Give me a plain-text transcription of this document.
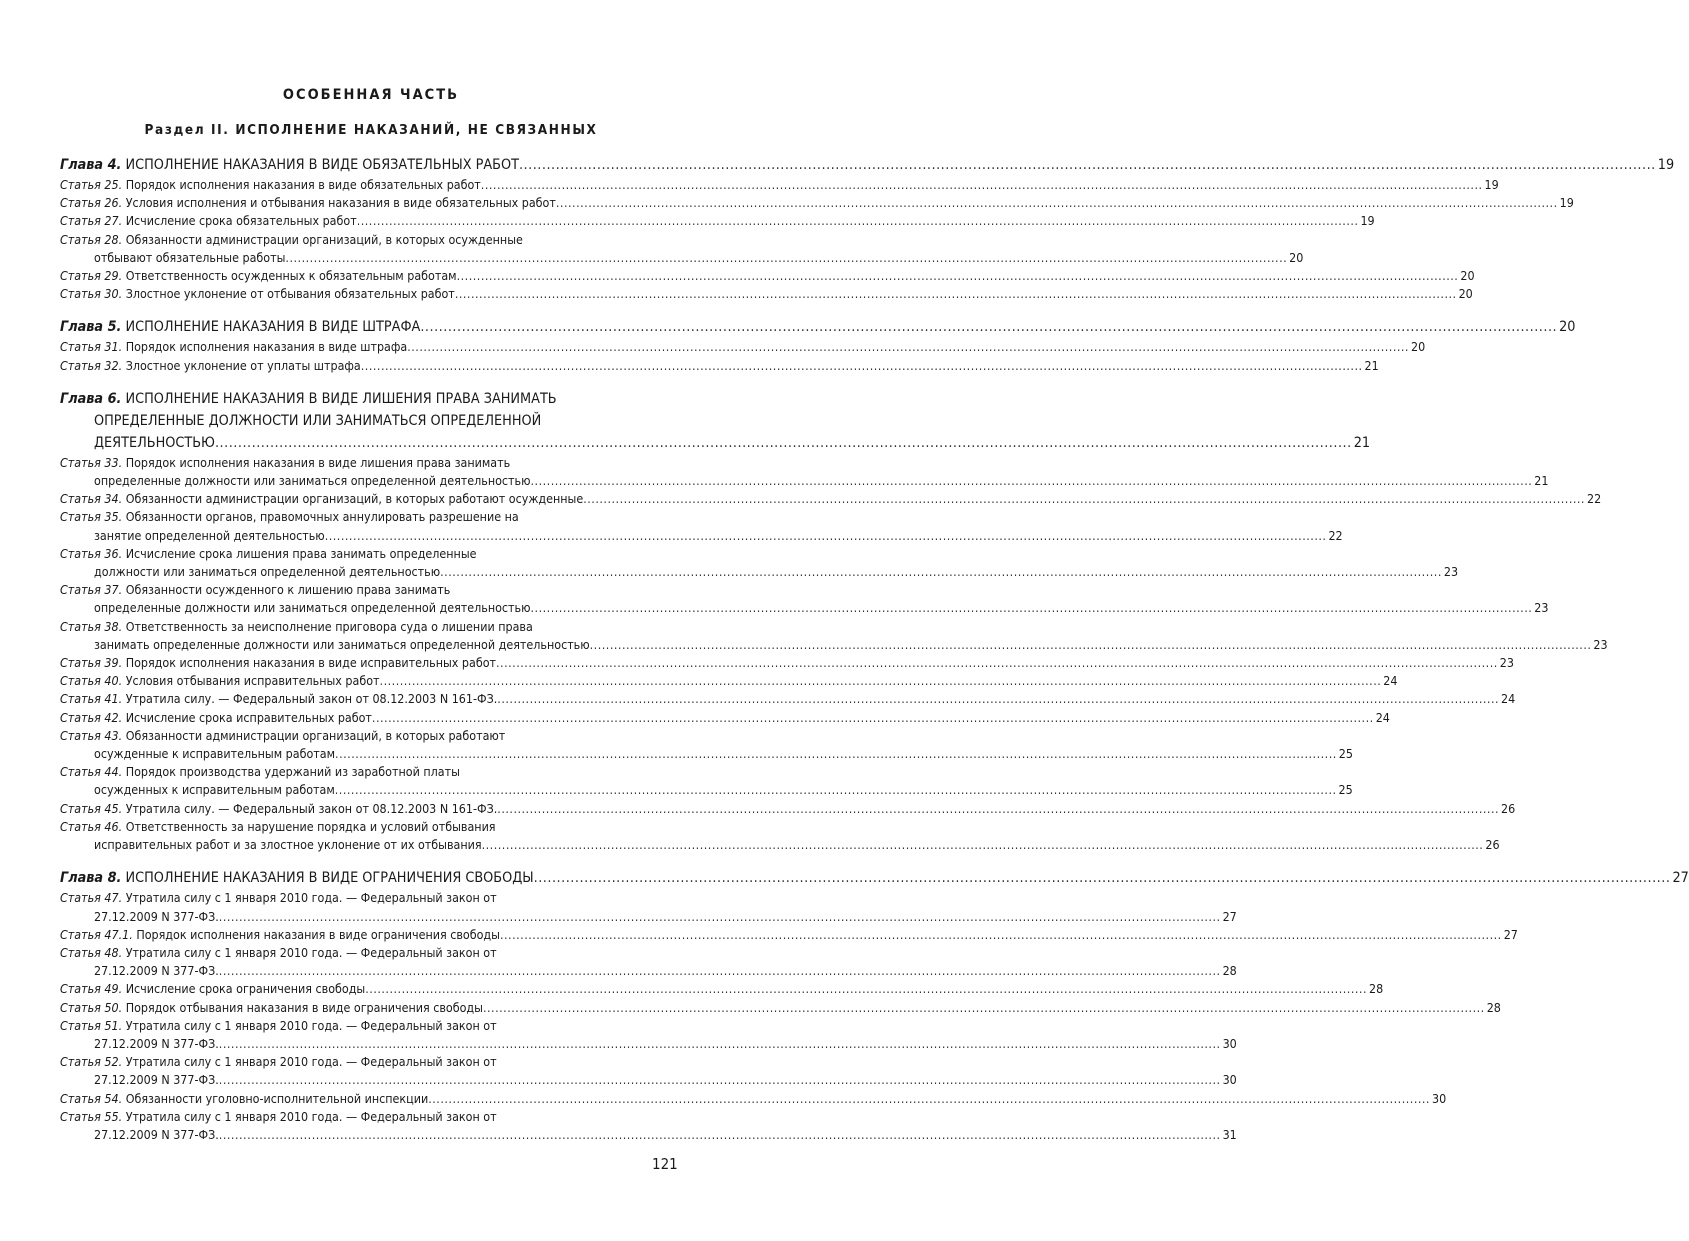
ОСОБЕННАЯ ЧАСТЬ
Раздел II. ИСПОЛНЕНИЕ НАКАЗАНИЙ, НЕ СВЯЗАННЫХ
Глава 4. ИСПОЛНЕНИЕ НАКАЗАНИЯ В ВИДЕ ОБЯЗАТЕЛЬНЫХ РАБОТ .....	19
Статья 25. Порядок исполнения наказания в виде обязательных работ .....	19
Статья 26. Условия исполнения и отбывания наказания в виде обязательных работ .....	19
Статья 27. Исчисление срока обязательных работ .....	19
Статья 28. Обязанности администрации организаций, в которых осужденные
отбывают обязательные работы .....	20
Статья 29. Ответственность осужденных к обязательным работам .....	20
Статья 30. Злостное уклонение от отбывания обязательных работ .....	20
Глава 5. ИСПОЛНЕНИЕ НАКАЗАНИЯ В ВИДЕ ШТРАФА .....	20
Статья 31. Порядок исполнения наказания в виде штрафа .....	20
Статья 32. Злостное уклонение от уплаты штрафа .....	21
Глава 6. ИСПОЛНЕНИЕ НАКАЗАНИЯ В ВИДЕ ЛИШЕНИЯ ПРАВА ЗАНИМАТЬ
ОПРЕДЕЛЕННЫЕ ДОЛЖНОСТИ ИЛИ ЗАНИМАТЬСЯ ОПРЕДЕЛЕННОЙ
ДЕЯТЕЛЬНОСТЬЮ .....	21
Статья 33. Порядок исполнения наказания в виде лишения права занимать
определенные должности или заниматься определенной деятельностью .....	21
Статья 34. Обязанности администрации организаций, в которых работают осужденные .....	22
Статья 35. Обязанности органов, правомочных аннулировать разрешение на
занятие определенной деятельностью .....	22
Статья 36. Исчисление срока лишения права занимать определенные
должности или заниматься определенной деятельностью .....	23
Статья 37. Обязанности осужденного к лишению права занимать
определенные должности или заниматься определенной деятельностью .....	23
Статья 38. Ответственность за неисполнение приговора суда о лишении права
занимать определенные должности или заниматься определенной деятельностью .....	23
Статья 39. Порядок исполнения наказания в виде исправительных работ .....	23
Статья 40. Условия отбывания исправительных работ .....	24
Статья 41. Утратила силу. — Федеральный закон от 08.12.2003 N 161-ФЗ. .....	24
Статья 42. Исчисление срока исправительных работ .....	24
Статья 43. Обязанности администрации организаций, в которых работают
осужденные к исправительным работам .....	25
Статья 44. Порядок производства удержаний из заработной платы
осужденных к исправительным работам .....	25
Статья 45. Утратила силу. — Федеральный закон от 08.12.2003 N 161-ФЗ. .....	26
Статья 46. Ответственность за нарушение порядка и условий отбывания
исправительных работ и за злостное уклонение от их отбывания .....	26
Глава 8. ИСПОЛНЕНИЕ НАКАЗАНИЯ В ВИДЕ ОГРАНИЧЕНИЯ СВОБОДЫ .....	27
Статья 47. Утратила силу с 1 января 2010 года. — Федеральный закон от
27.12.2009 N 377-ФЗ. .....	27
Статья 47.1. Порядок исполнения наказания в виде ограничения свободы .....	27
Статья 48. Утратила силу с 1 января 2010 года. — Федеральный закон от
27.12.2009 N 377-ФЗ. .....	28
Статья 49. Исчисление срока ограничения свободы .....	28
Статья 50. Порядок отбывания наказания в виде ограничения свободы .....	28
Статья 51. Утратила силу с 1 января 2010 года. — Федеральный закон от
27.12.2009 N 377-ФЗ. .....	30
Статья 52. Утратила силу с 1 января 2010 года. — Федеральный закон от
27.12.2009 N 377-ФЗ. .....	30
Статья 54. Обязанности уголовно-исполнительной инспекции .....	30
Статья 55. Утратила силу с 1 января 2010 года. — Федеральный закон от
27.12.2009 N 377-ФЗ. .....	31
121
